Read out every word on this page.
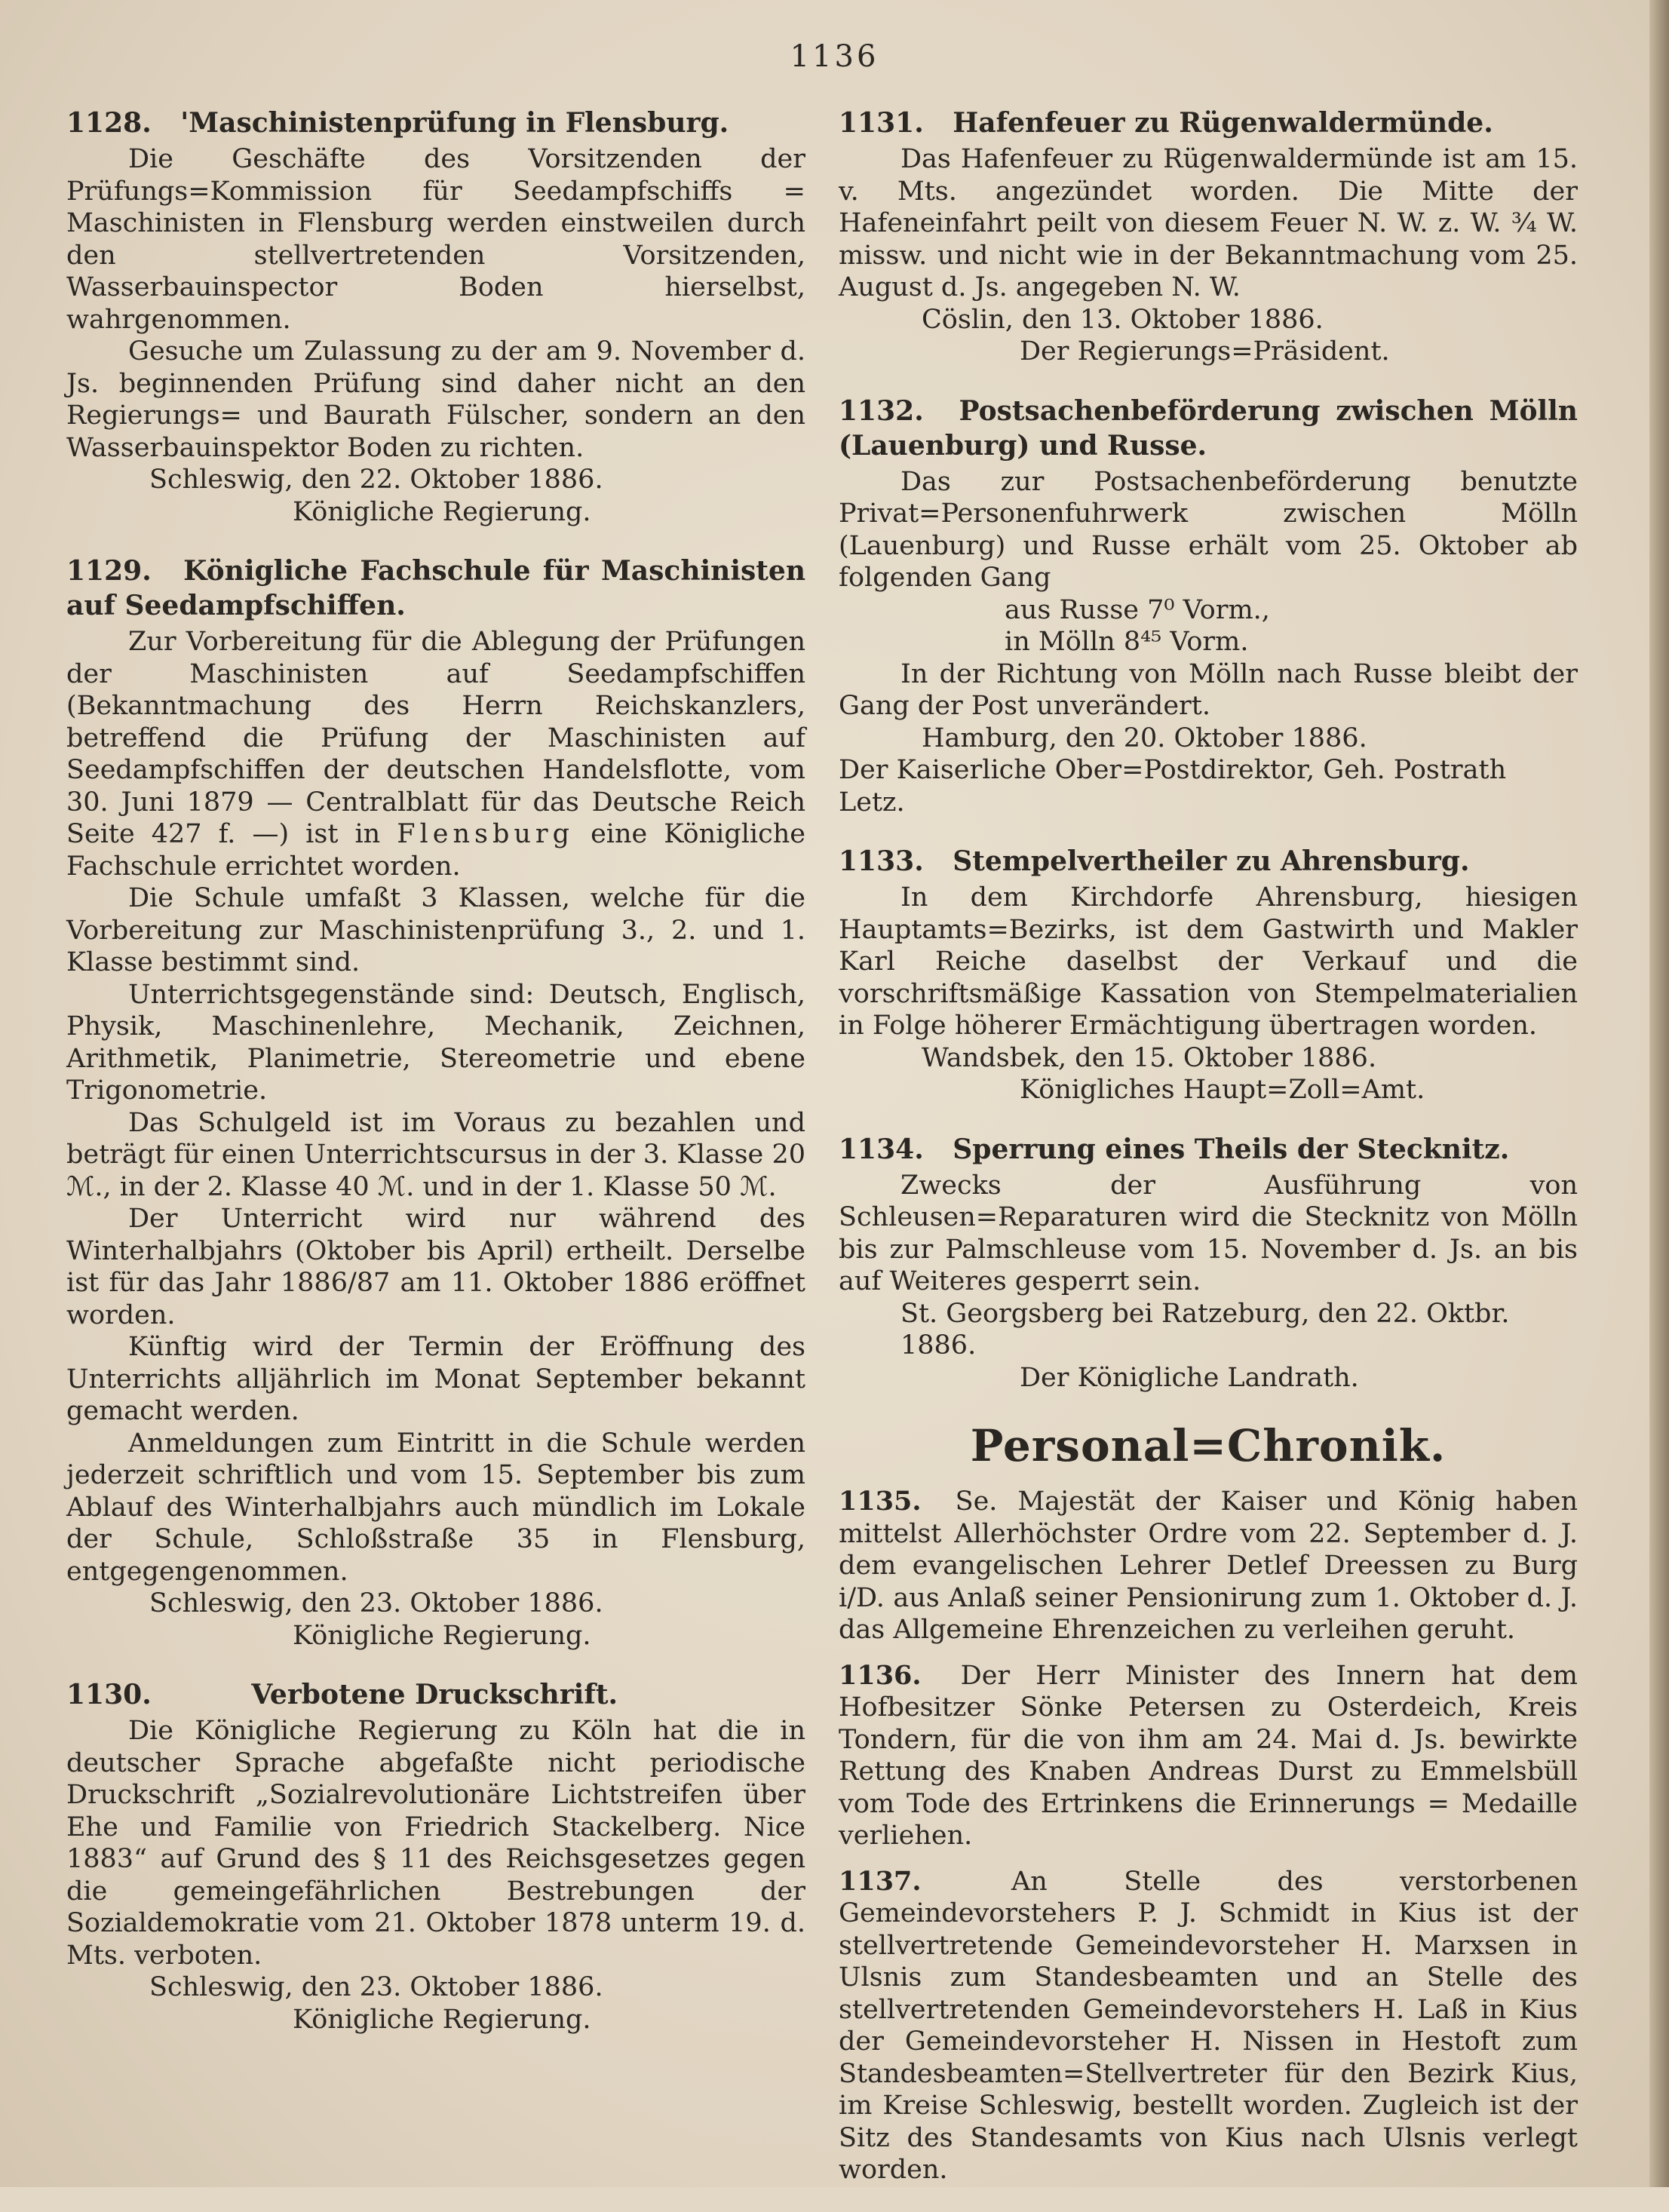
1136
1128. 'Maschinistenprüfung in Flensburg.

Die Geschäfte des Vorsitzenden der Prüfungs=Kommission für Seedampfschiffs = Maschinisten in Flensburg werden einstweilen durch den stellvertretenden Vorsitzenden, Wasserbauinspector Boden hierselbst, wahrgenommen.

Gesuche um Zulassung zu der am 9. November d. Js. beginnenden Prüfung sind daher nicht an den Regierungs= und Baurath Fülscher, sondern an den Wasserbauinspektor Boden zu richten.

Schleswig, den 22. Oktober 1886.

Königliche Regierung.

1129. Königliche Fachschule für Maschinisten auf Seedampfschiffen.

Zur Vorbereitung für die Ablegung der Prüfungen der Maschinisten auf Seedampfschiffen (Bekanntmachung des Herrn Reichskanzlers, betreffend die Prüfung der Maschinisten auf Seedampfschiffen der deutschen Handelsflotte, vom 30. Juni 1879 — Centralblatt für das Deutsche Reich Seite 427 f. —) ist in Flensburg eine Königliche Fachschule errichtet worden.

Die Schule umfaßt 3 Klassen, welche für die Vorbereitung zur Maschinistenprüfung 3., 2. und 1. Klasse bestimmt sind.

Unterrichtsgegenstände sind: Deutsch, Englisch, Physik, Maschinenlehre, Mechanik, Zeichnen, Arithmetik, Planimetrie, Stereometrie und ebene Trigonometrie.

Das Schulgeld ist im Voraus zu bezahlen und beträgt für einen Unterrichtscursus in der 3. Klasse 20 ℳ., in der 2. Klasse 40 ℳ. und in der 1. Klasse 50 ℳ.

Der Unterricht wird nur während des Winterhalbjahrs (Oktober bis April) ertheilt. Derselbe ist für das Jahr 1886/87 am 11. Oktober 1886 eröffnet worden.

Künftig wird der Termin der Eröffnung des Unterrichts alljährlich im Monat September bekannt gemacht werden.

Anmeldungen zum Eintritt in die Schule werden jederzeit schriftlich und vom 15. September bis zum Ablauf des Winterhalbjahrs auch mündlich im Lokale der Schule, Schloßstraße 35 in Flensburg, entgegengenommen.

Schleswig, den 23. Oktober 1886.

Königliche Regierung.

1130.	Verbotene Druckschrift.

Die Königliche Regierung zu Köln hat die in deutscher Sprache abgefaßte nicht periodische Druckschrift „Sozialrevolutionäre Lichtstreifen über Ehe und Familie von Friedrich Stackelberg. Nice 1883“ auf Grund des § 11 des Reichsgesetzes gegen die gemeingefährlichen Bestrebungen der Sozialdemokratie vom 21. Oktober 1878 unterm 19. d. Mts. verboten.

Schleswig, den 23. Oktober 1886.

Königliche Regierung.

1131. Hafenfeuer zu Rügenwaldermünde.

Das Hafenfeuer zu Rügenwaldermünde ist am 15. v. Mts. angezündet worden. Die Mitte der Hafeneinfahrt peilt von diesem Feuer N. W. z. W. ¾ W. missw. und nicht wie in der Bekanntmachung vom 25. August d. Js. angegeben N. W.

Cöslin, den 13. Oktober 1886.

Der Regierungs=Präsident.

1132. Postsachenbeförderung zwischen Mölln (Lauenburg) und Russe.

Das zur Postsachenbeförderung benutzte Privat=Personenfuhrwerk zwischen Mölln (Lauenburg) und Russe erhält vom 25. Oktober ab folgenden Gang

aus Russe 7⁰ Vorm.,

in Mölln 8⁴⁵ Vorm.

In der Richtung von Mölln nach Russe bleibt der Gang der Post unverändert.

Hamburg, den 20. Oktober 1886.

Der Kaiserliche Ober=Postdirektor, Geh. Postrath Letz.

1133. Stempelvertheiler zu Ahrensburg.

In dem Kirchdorfe Ahrensburg, hiesigen Hauptamts=Bezirks, ist dem Gastwirth und Makler Karl Reiche daselbst der Verkauf und die vorschriftsmäßige Kassation von Stempelmaterialien in Folge höherer Ermächtigung übertragen worden.

Wandsbek, den 15. Oktober 1886.

Königliches Haupt=Zoll=Amt.

1134. Sperrung eines Theils der Stecknitz.

Zwecks der Ausführung von Schleusen=Reparaturen wird die Stecknitz von Mölln bis zur Palmschleuse vom 15. November d. Js. an bis auf Weiteres gesperrt sein.

St. Georgsberg bei Ratzeburg, den 22. Oktbr. 1886.

Der Königliche Landrath.

Personal=Chronik.

1135. Se. Majestät der Kaiser und König haben mittelst Allerhöchster Ordre vom 22. September d. J. dem evangelischen Lehrer Detlef Dreessen zu Burg i/D. aus Anlaß seiner Pensionirung zum 1. Oktober d. J. das Allgemeine Ehrenzeichen zu verleihen geruht.

1136. Der Herr Minister des Innern hat dem Hofbesitzer Sönke Petersen zu Osterdeich, Kreis Tondern, für die von ihm am 24. Mai d. Js. bewirkte Rettung des Knaben Andreas Durst zu Emmelsbüll vom Tode des Ertrinkens die Erinnerungs = Medaille verliehen.

1137.	An Stelle des verstorbenen Gemeindevorstehers P. J. Schmidt in Kius ist der stellvertretende Gemeindevorsteher H. Marxsen in Ulsnis zum Standesbeamten und an Stelle des stellvertretenden Gemeindevorstehers H. Laß in Kius der Gemeindevorsteher H. Nissen in Hestoft zum Standesbeamten=Stellvertreter für den Bezirk Kius, im Kreise Schleswig, bestellt worden. Zugleich ist der Sitz des Standesamts von Kius nach Ulsnis verlegt worden.
